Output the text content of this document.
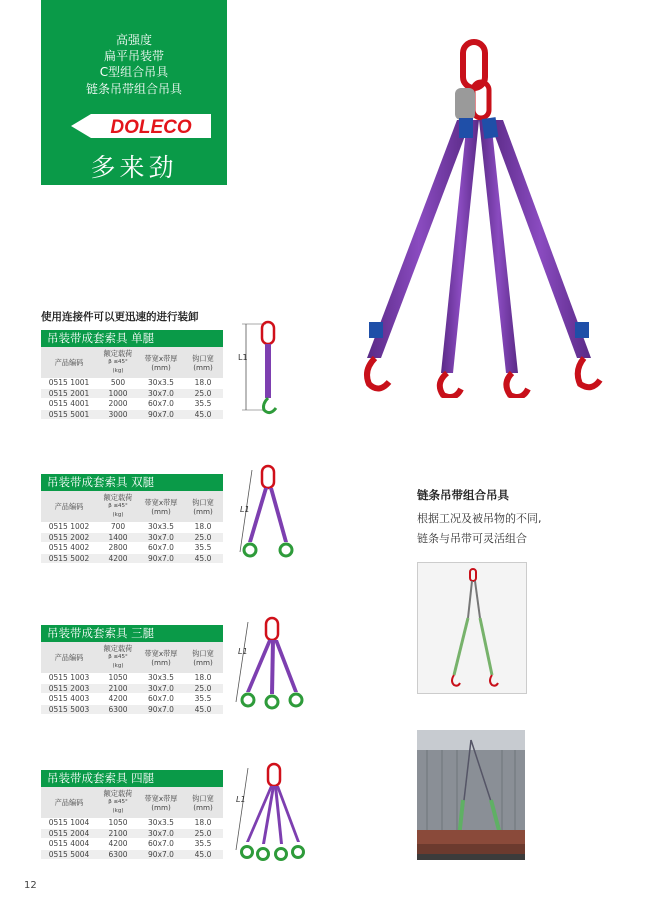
高强度
扁平吊装带
C型组合吊具
链条吊带组合吊具
DOLECO
多来劲
使用连接件可以更迅速的进行装卸
吊装带成套索具 单腿
产品编码	额定载荷
β ≤45°
(kg)	带宽x带厚
(mm)	钩口宽
(mm)
0515 1001	500	30x3.5	18.0
0515 2001	1000	30x7.0	25.0
0515 4001	2000	60x7.0	35.5
0515 5001	3000	90x7.0	45.0
吊装带成套索具 双腿
产品编码	额定载荷
β ≤45°
(kg)	带宽x带厚
(mm)	钩口宽
(mm)
0515 1002	700	30x3.5	18.0
0515 2002	1400	30x7.0	25.0
0515 4002	2800	60x7.0	35.5
0515 5002	4200	90x7.0	45.0
吊装带成套索具 三腿
产品编码	额定载荷
β ≤45°
(kg)	带宽x带厚
(mm)	钩口宽
(mm)
0515 1003	1050	30x3.5	18.0
0515 2003	2100	30x7.0	25.0
0515 4003	4200	60x7.0	35.5
0515 5003	6300	90x7.0	45.0
吊装带成套索具 四腿
产品编码	额定载荷
β ≤45°
(kg)	带宽x带厚
(mm)	钩口宽
(mm)
0515 1004	1050	30x3.5	18.0
0515 2004	2100	30x7.0	25.0
0515 4004	4200	60x7.0	35.5
0515 5004	6300	90x7.0	45.0
L1
L1
L1
L1
链条吊带组合吊具
根据工况及被吊物的不同,
链条与吊带可灵活组合
12
